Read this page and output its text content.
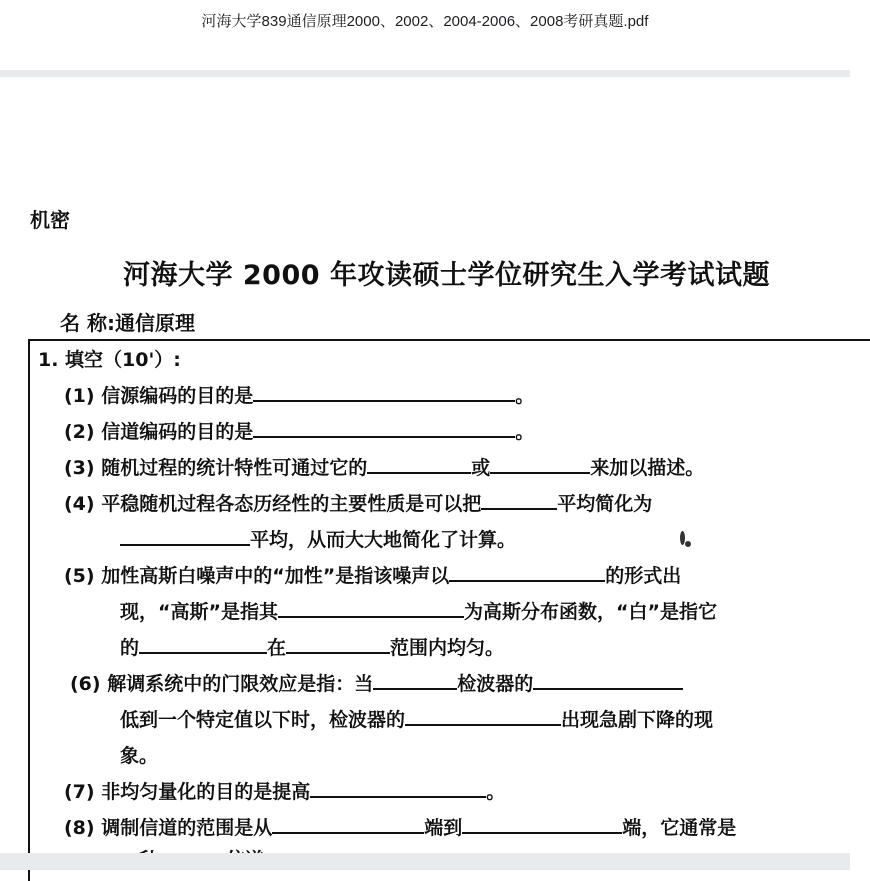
河海大学839通信原理2000、2002、2004-2006、2008考研真题.pdf
机密
河海大学 2000 年攻读硕士学位研究生入学考试试题
名 称:通信原理
1. 填空（10'）:
(1) 信源编码的目的是	。
(2) 信道编码的目的是	。
(3) 随机过程的统计特性可通过它的	或	来加以描述。
(4) 平稳随机过程各态历经性的主要性质是可以把	平均简化为
平均，从而大大地简化了计算。
(5) 加性高斯白噪声中的“加性”是指该噪声以	的形式出
现，“高斯”是指其	为高斯分布函数，“白”是指它
的	在	范围内均匀。
(6) 解调系统中的门限效应是指：当	检波器的
低到一个特定值以下时，检波器的	出现急剧下降的现
象。
(7) 非均匀量化的目的是提高	。
(8) 调制信道的范围是从	端到	端，它通常是
